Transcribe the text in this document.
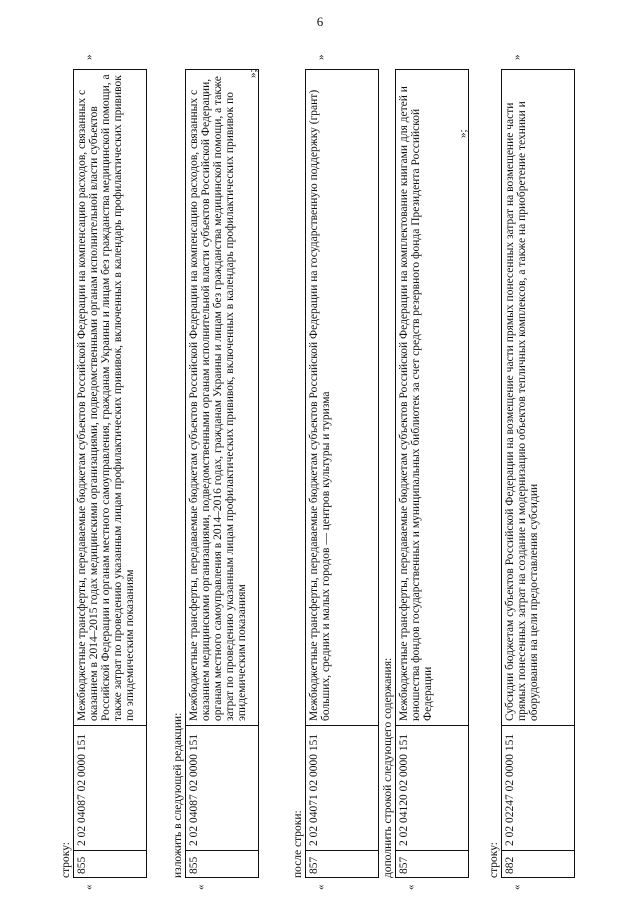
6
строку:
«
855
2 02 04087 02 0000 151
Межбюджетные трансферты, передаваемые бюджетам субъектов Российской Федерации на компенсацию расходов, связанных с оказанием в 2014–2015 годах медицинскими организациями, подведомственными органам исполнительной власти субъектов Российской Федерации и органам местного самоуправления, гражданам Украины и лицам без гражданства медицинской помощи, а также затрат по проведению указанным лицам профилактических прививок, включенных в календарь профилактических прививок по эпидемическим показаниям
»
изложить в следующей редакции:
«
855
2 02 04087 02 0000 151
Межбюджетные трансферты, передаваемые бюджетам субъектов Российской Федерации на компенсацию расходов, связанных с оказанием медицинскими организациями, подведомственными органам исполнительной власти субъектов Российской Федерации, органам местного самоуправления в 2014–2016 годах, гражданам Украины и лицам без гражданства медицинской помощи, а также затрат по проведению указанным лицам профилактических прививок, включенных в календарь профилактических прививок по эпидемическим показаниям
»;
после строки:
«
857
2 02 04071 02 0000 151
Межбюджетные трансферты, передаваемые бюджетам субъектов Российской Федерации на государственную поддержку (грант) больших, средних и малых городов — центров культуры и туризма
»
дополнить строкой следующего содержания:
«
857
2 02 04120 02 0000 151
Межбюджетные трансферты, передаваемые бюджетам субъектов Российской Федерации на комплектование книгами для детей и юношества фондов государственных и муниципальных библиотек за счет средств резервного фонда Президента Российской Федерации
»;
строку:
«
882
2 02 02247 02 0000 151
Субсидии бюджетам субъектов Российской Федерации на возмещение части прямых понесенных затрат на возмещение части прямых понесенных затрат на создание и модернизацию объектов тепличных комплексов, а также на приобретение техники и оборудования на цели предоставления субсидии
»
